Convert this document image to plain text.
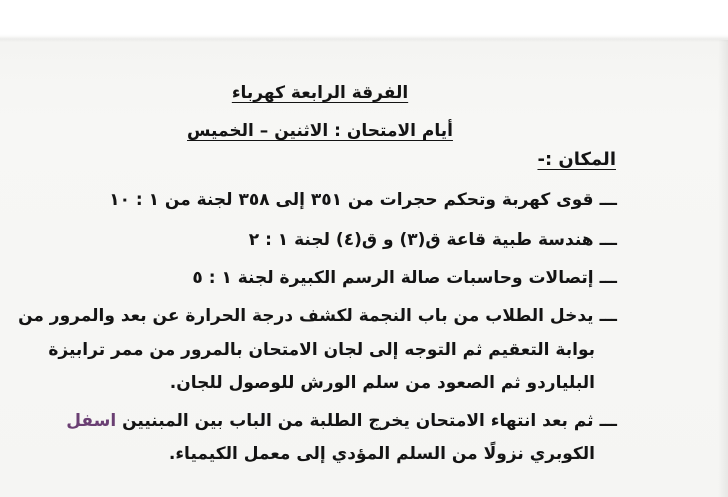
الفرقة الرابعة كهرباء
أيام الامتحان : الاثنين – الخميس
المكان :-
ـــقوى كهربة وتحكم حجرات من ٣٥١ إلى ٣٥٨ لجنة من ١ : ١٠
ـــهندسة طبية قاعة ق(٣) و ق(٤) لجنة ١ : ٢
ـــإتصالات وحاسبات صالة الرسم الكبيرة لجنة ١ : ٥
ـــيدخل الطلاب من باب النجمة لكشف درجة الحرارة عن بعد والمرور من
بوابة التعقيم ثم التوجه إلى لجان الامتحان بالمرور من ممر ترابيزة
البلياردو ثم الصعود من سلم الورش للوصول للجان.
ـــثم بعد انتهاء الامتحان يخرج الطلبة من الباب بين المبنيين اسفل
الكوبري نزولًا من السلم المؤدي إلى معمل الكيمياء.
